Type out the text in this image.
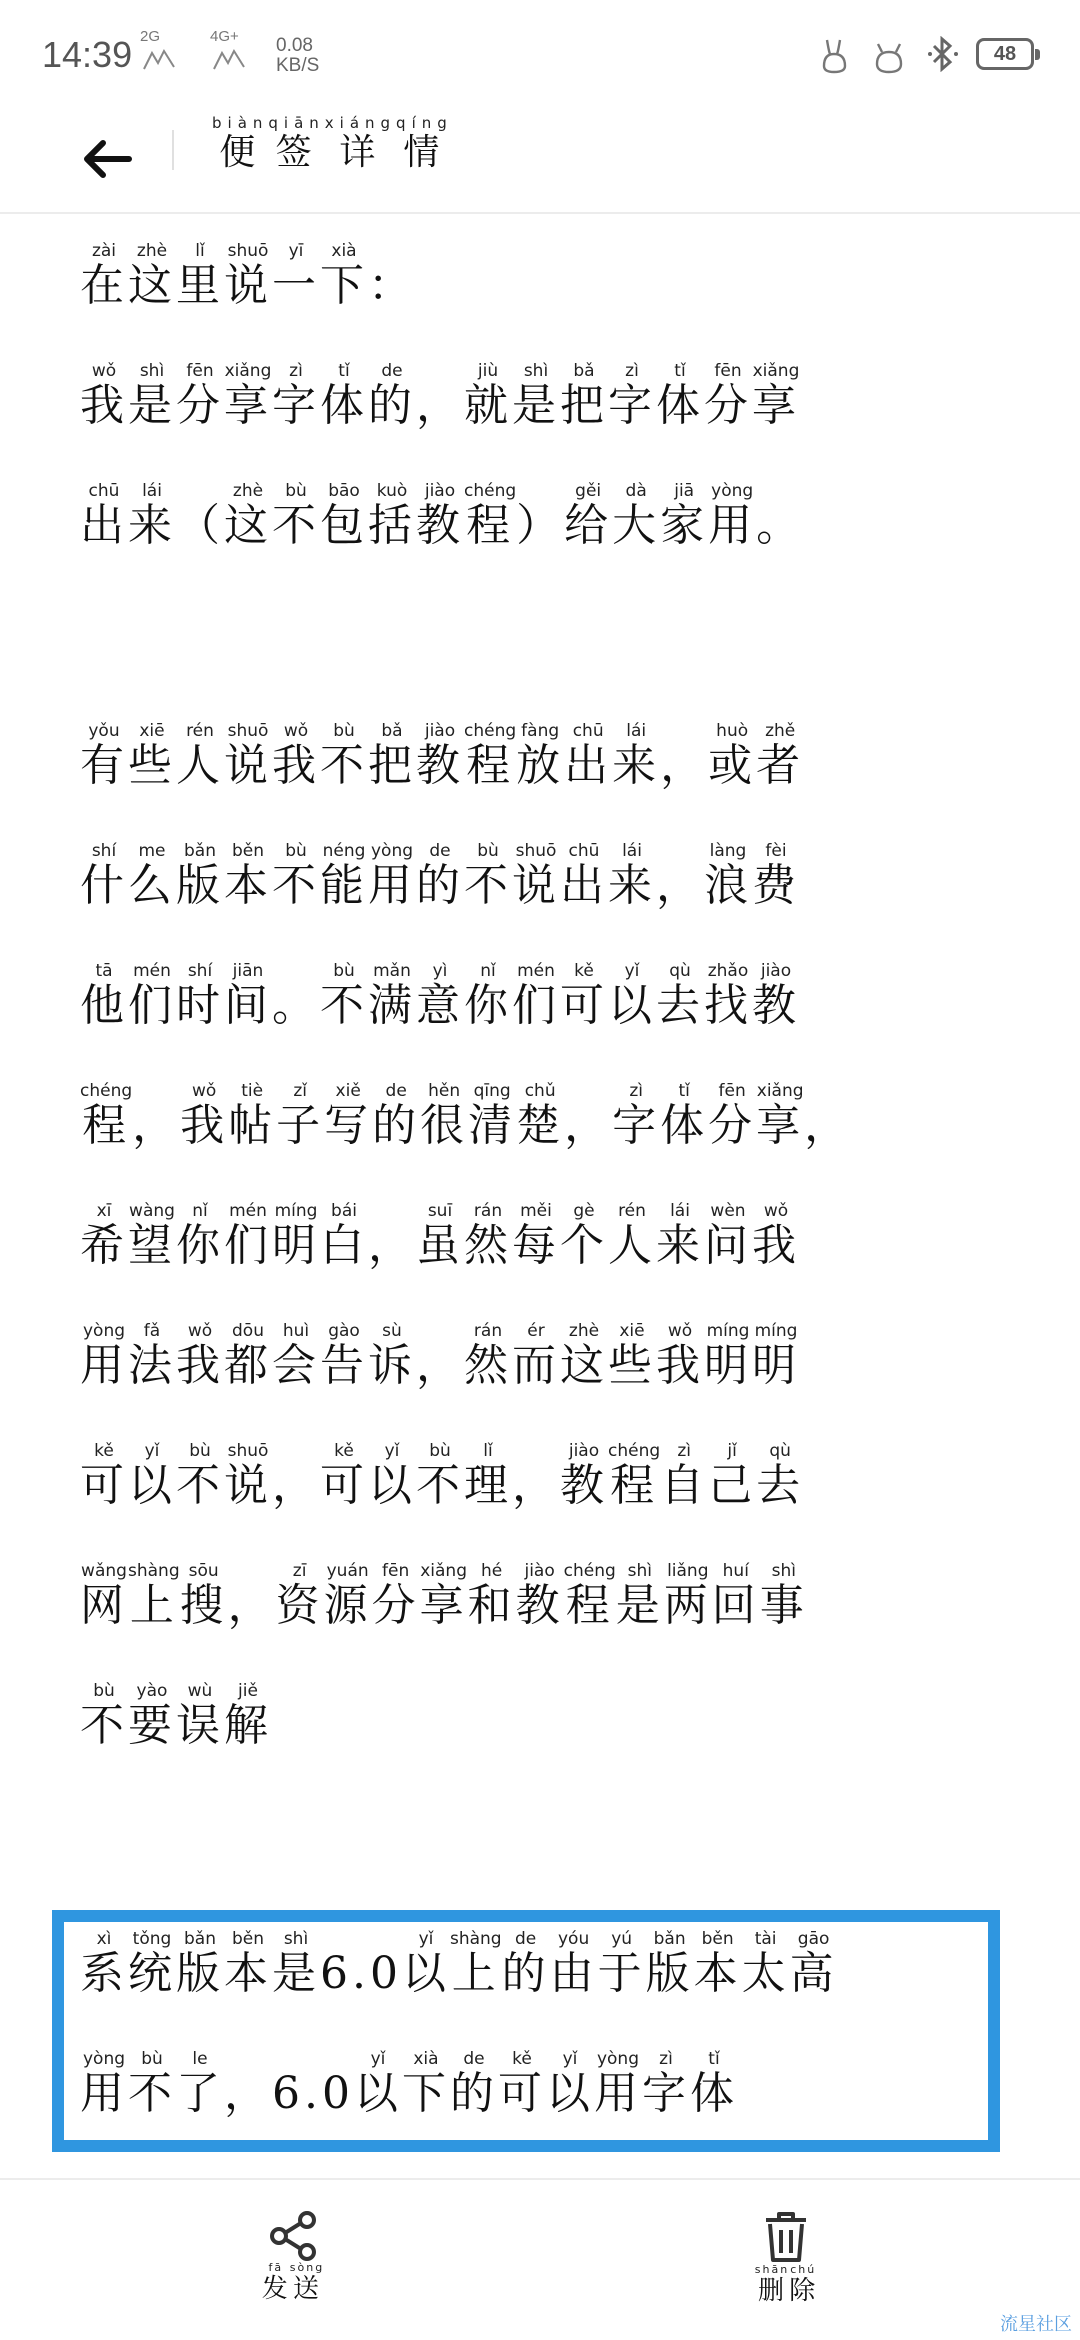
14:39 2G	4G+	0.08
KB/S
48
便biàn签qiān详xiáng情qíng

在zài这zhè里lǐ说shuō一yī下xià：

我wǒ是shì分fēn享xiǎng字zì体tǐ的de，就jiù是shì把bǎ字zì体tǐ分fēn享xiǎng

出chū来lái（这zhè不bù包bāo括kuò教jiào程chéng）给gěi大dà家jiā用yòng。

有yǒu些xiē人rén说shuō我wǒ不bù把bǎ教jiào程chéng放fàng出chū来lái，或huò者zhě

什shí么me版bǎn本běn不bù能néng用yòng的de不bù说shuō出chū来lái，浪làng费fèi

他tā们mén时shí间jiān。不bù满mǎn意yì你nǐ们mén可kě以yǐ去qù找zhǎo教jiào

程chéng，我wǒ帖tiè子zǐ写xiě的de很hěn清qīng楚chǔ，字zì体tǐ分fēn享xiǎng，

希xī望wàng你nǐ们mén明míng白bái，虽suī然rán每měi个gè人rén来lái问wèn我wǒ

用yòng法fǎ我wǒ都dōu会huì告gào诉sù，然rán而ér这zhè些xiē我wǒ明míng明míng

可kě以yǐ不bù说shuō，可kě以yǐ不bù理lǐ，教jiào程chéng自zì己jǐ去qù

网wǎng上shàng搜sōu，资zī源yuán分fēn享xiǎng和hé教jiào程chéng是shì两liǎng回huí事shì

不bù要yào误wù解jiě

系xì统tǒng版bǎn本běn是shì6.0以yǐ上shàng的de由yóu于yú版bǎn本běn太tài高gāo

用yòng不bù了le，6.0以yǐ下xià的de可kě以yǐ用yòng字zì体tǐ

发fā送sòng

删shān除chú

流星社区
